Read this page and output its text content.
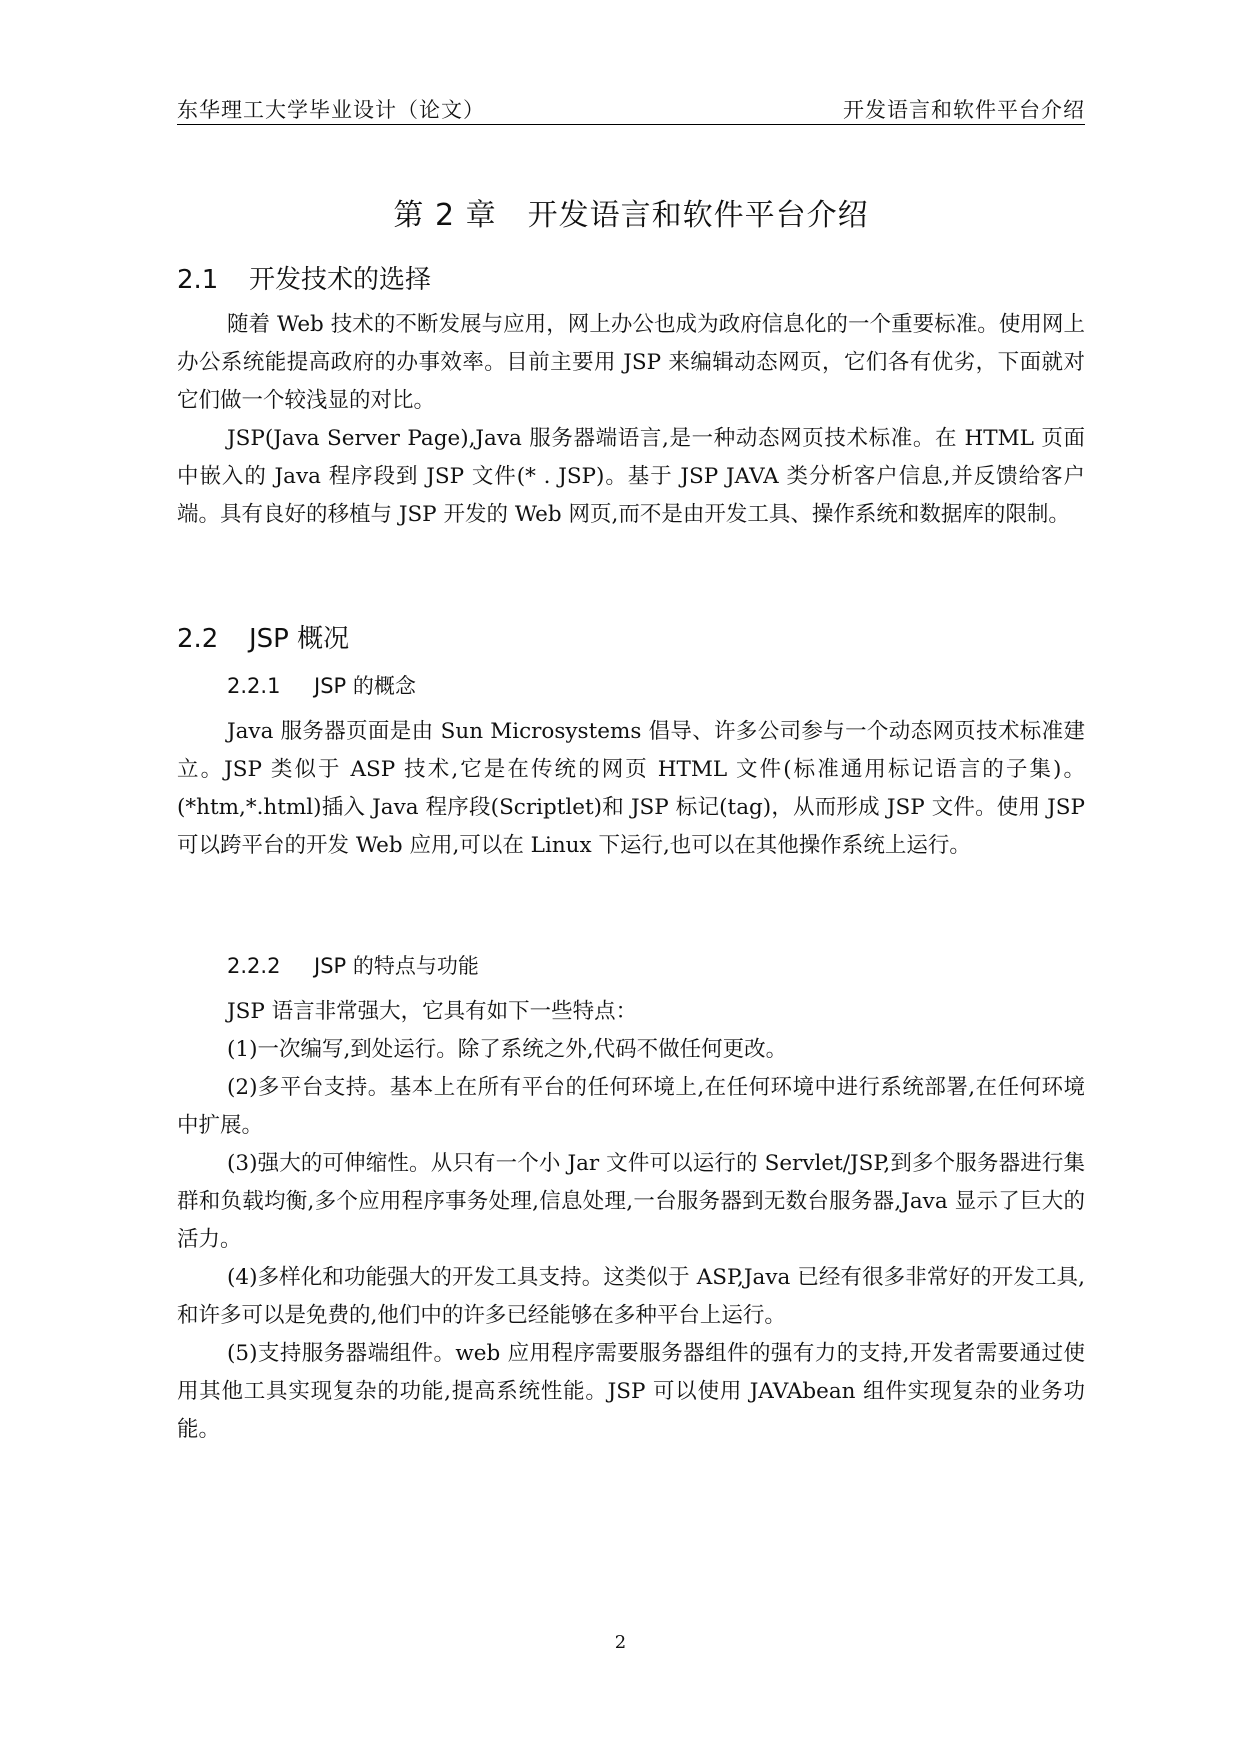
东华理工大学毕业设计（论文）	开发语言和软件平台介绍
第 2 章　开发语言和软件平台介绍
2.1 开发技术的选择

随着 Web 技术的不断发展与应用，网上办公也成为政府信息化的一个重要标准。使用网上办公系统能提高政府的办事效率。目前主要用 JSP 来编辑动态网页，它们各有优劣，下面就对它们做一个较浅显的对比。

JSP(Java Server Page),Java 服务器端语言,是一种动态网页技术标准。在 HTML 页面中嵌入的 Java 程序段到 JSP 文件(* . JSP)。基于 JSP JAVA 类分析客户信息,并反馈给客户端。具有良好的移植与 JSP 开发的 Web 网页,而不是由开发工具、操作系统和数据库的限制。

2.2 JSP 概况
2.2.1 JSP 的概念

Java 服务器页面是由 Sun Microsystems 倡导、许多公司参与一个动态网页技术标准建立。JSP 类似于 ASP 技术,它是在传统的网页 HTML 文件(标准通用标记语言的子集)。(*htm,*.html)插入 Java 程序段(Scriptlet)和 JSP 标记(tag)，从而形成 JSP 文件。使用 JSP 可以跨平台的开发 Web 应用,可以在 Linux 下运行,也可以在其他操作系统上运行。

2.2.2 JSP 的特点与功能

JSP 语言非常强大，它具有如下一些特点：

(1)一次编写,到处运行。除了系统之外,代码不做任何更改。

(2)多平台支持。基本上在所有平台的任何环境上,在任何环境中进行系统部署,在任何环境中扩展。

(3)强大的可伸缩性。从只有一个小 Jar 文件可以运行的 Servlet/JSP,到多个服务器进行集群和负载均衡,多个应用程序事务处理,信息处理,一台服务器到无数台服务器,Java 显示了巨大的活力。

(4)多样化和功能强大的开发工具支持。这类似于 ASP,Java 已经有很多非常好的开发工具,和许多可以是免费的,他们中的许多已经能够在多种平台上运行。

(5)支持服务器端组件。web 应用程序需要服务器组件的强有力的支持,开发者需要通过使用其他工具实现复杂的功能,提高系统性能。JSP 可以使用 JAVAbean 组件实现复杂的业务功能。

2
